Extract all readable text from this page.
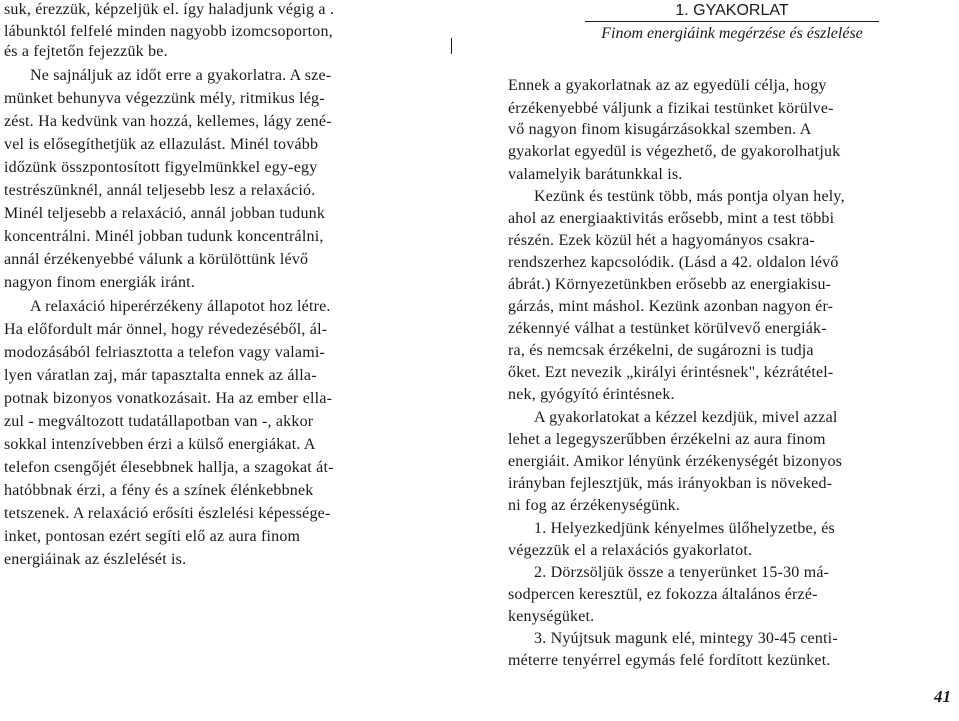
suk, érezzük, képzeljük el. így haladjunk végig a .
lábunktól felfelé minden nagyobb izomcsoporton,
és a fejtetőn fejezzük be.
Ne sajnáljuk az időt erre a gyakorlatra. A sze-
münket behunyva végezzünk mély, ritmikus lég-
zést. Ha kedvünk van hozzá, kellemes, lágy zené-
vel is elősegíthetjük az ellazulást. Minél tovább
időzünk összpontosított figyelmünkkel egy-egy
testrészünknél, annál teljesebb lesz a relaxáció.
Minél teljesebb a relaxáció, annál jobban tudunk
koncentrálni. Minél jobban tudunk koncentrálni,
annál érzékenyebbé válunk a körülöttünk lévő
nagyon finom energiák iránt.
A relaxáció hiperérzékeny állapotot hoz létre.
Ha előfordult már önnel, hogy révedezéséből, ál-
modozásából felriasztotta a telefon vagy valami-
lyen váratlan zaj, már tapasztalta ennek az álla-
potnak bizonyos vonatkozásait. Ha az ember ella-
zul - megváltozott tudatállapotban van -, akkor
sokkal intenzívebben érzi a külső energiákat. A
telefon csengőjét élesebbnek hallja, a szagokat át-
hatóbbnak érzi, a fény és a színek élénkebbnek
tetszenek. A relaxáció erősíti észlelési képessége-
inket, pontosan ezért segíti elő az aura finom
energiáinak az észlelését is.
1. GYAKORLAT
Finom energiáink megérzése és észlelése
Ennek a gyakorlatnak az az egyedüli célja, hogy
érzékenyebbé váljunk a fizikai testünket körülve-
vő nagyon finom kisugárzásokkal szemben. A
gyakorlat egyedül is végezhető, de gyakorolhatjuk
valamelyik barátunkkal is.
Kezünk és testünk több, más pontja olyan hely,
ahol az energiaaktivitás erősebb, mint a test többi
részén. Ezek közül hét a hagyományos csakra-
rendszerhez kapcsolódik. (Lásd a 42. oldalon lévő
ábrát.) Környezetünkben erősebb az energiakisu-
gárzás, mint máshol. Kezünk azonban nagyon ér-
zékennyé válhat a testünket körülvevő energiák-
ra, és nemcsak érzékelni, de sugározni is tudja
őket. Ezt nevezik „királyi érintésnek", kézrátétel-
nek, gyógyító érintésnek.
A gyakorlatokat a kézzel kezdjük, mivel azzal
lehet a legegyszerűbben érzékelni az aura finom
energiáit. Amikor lényünk érzékenységét bizonyos
irányban fejlesztjük, más irányokban is növeked-
ni fog az érzékenységünk.
1. Helyezkedjünk kényelmes ülőhelyzetbe, és
végezzük el a relaxációs gyakorlatot.
2. Dörzsöljük össze a tenyerünket 15-30 má-
sodpercen keresztül, ez fokozza általános érzé-
kenységüket.
3. Nyújtsuk magunk elé, mintegy 30-45 centi-
méterre tenyérrel egymás felé fordított kezünket.
41
